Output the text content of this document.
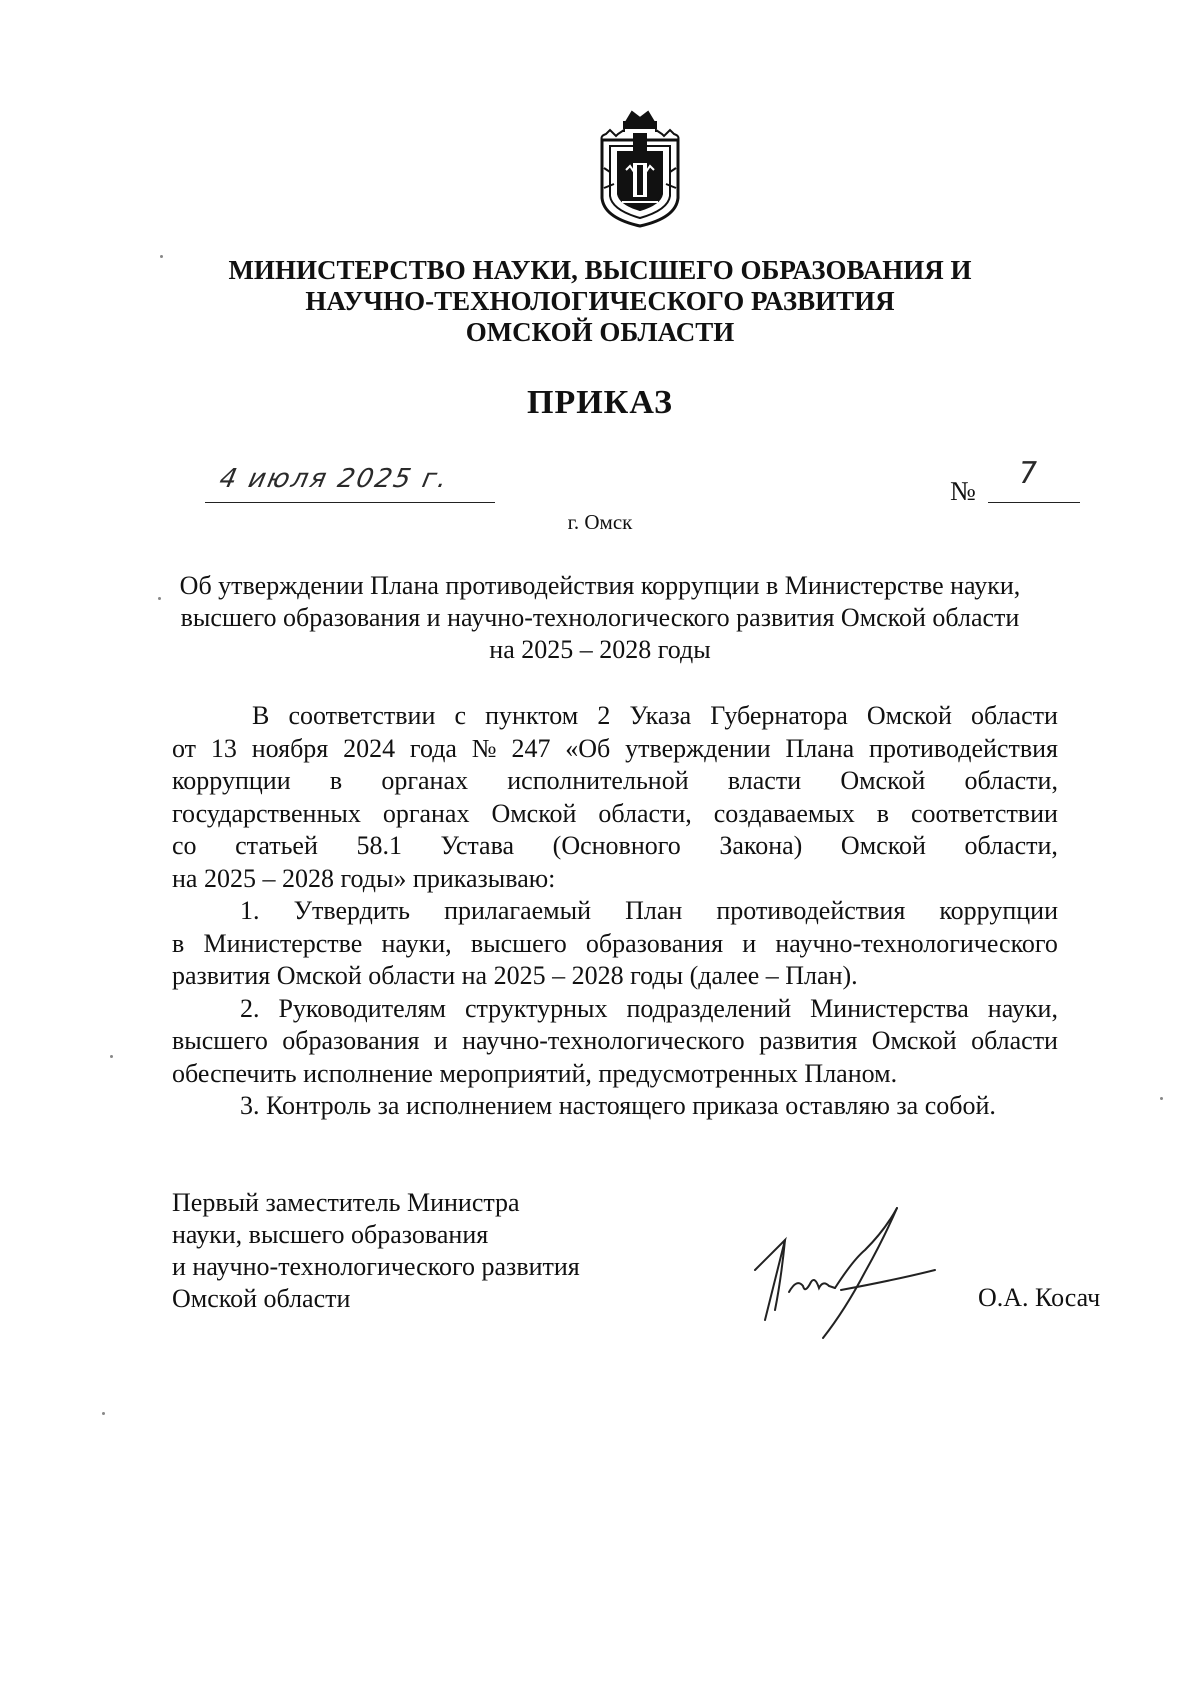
МИНИСТЕРСТВО НАУКИ, ВЫСШЕГО ОБРАЗОВАНИЯ И
НАУЧНО-ТЕХНОЛОГИЧЕСКОГО РАЗВИТИЯ
ОМСКОЙ ОБЛАСТИ
ПРИКАЗ
4 июля 2025 г.	№ 7
г. Омск
Об утверждении Плана противодействия коррупции в Министерстве науки,
высшего образования и научно-технологического развития Омской области
на 2025 – 2028 годы
В соответствии с пунктом 2 Указа Губернатора Омской области
от 13 ноября 2024 года № 247 «Об утверждении Плана противодействия
коррупции в органах исполнительной власти Омской области,
государственных органах Омской области, создаваемых в соответствии
со статьей 58.1 Устава (Основного Закона) Омской области,
на 2025 – 2028 годы» приказываю:
1. Утвердить прилагаемый План противодействия коррупции
в Министерстве науки, высшего образования и научно-технологического
развития Омской области на 2025 – 2028 годы (далее – План).
2. Руководителям структурных подразделений Министерства науки,
высшего образования и научно-технологического развития Омской области
обеспечить исполнение мероприятий, предусмотренных Планом.
3. Контроль за исполнением настоящего приказа оставляю за собой.
Первый заместитель Министра
науки, высшего образования
и научно-технологического развития
Омской области	О.А. Косач
